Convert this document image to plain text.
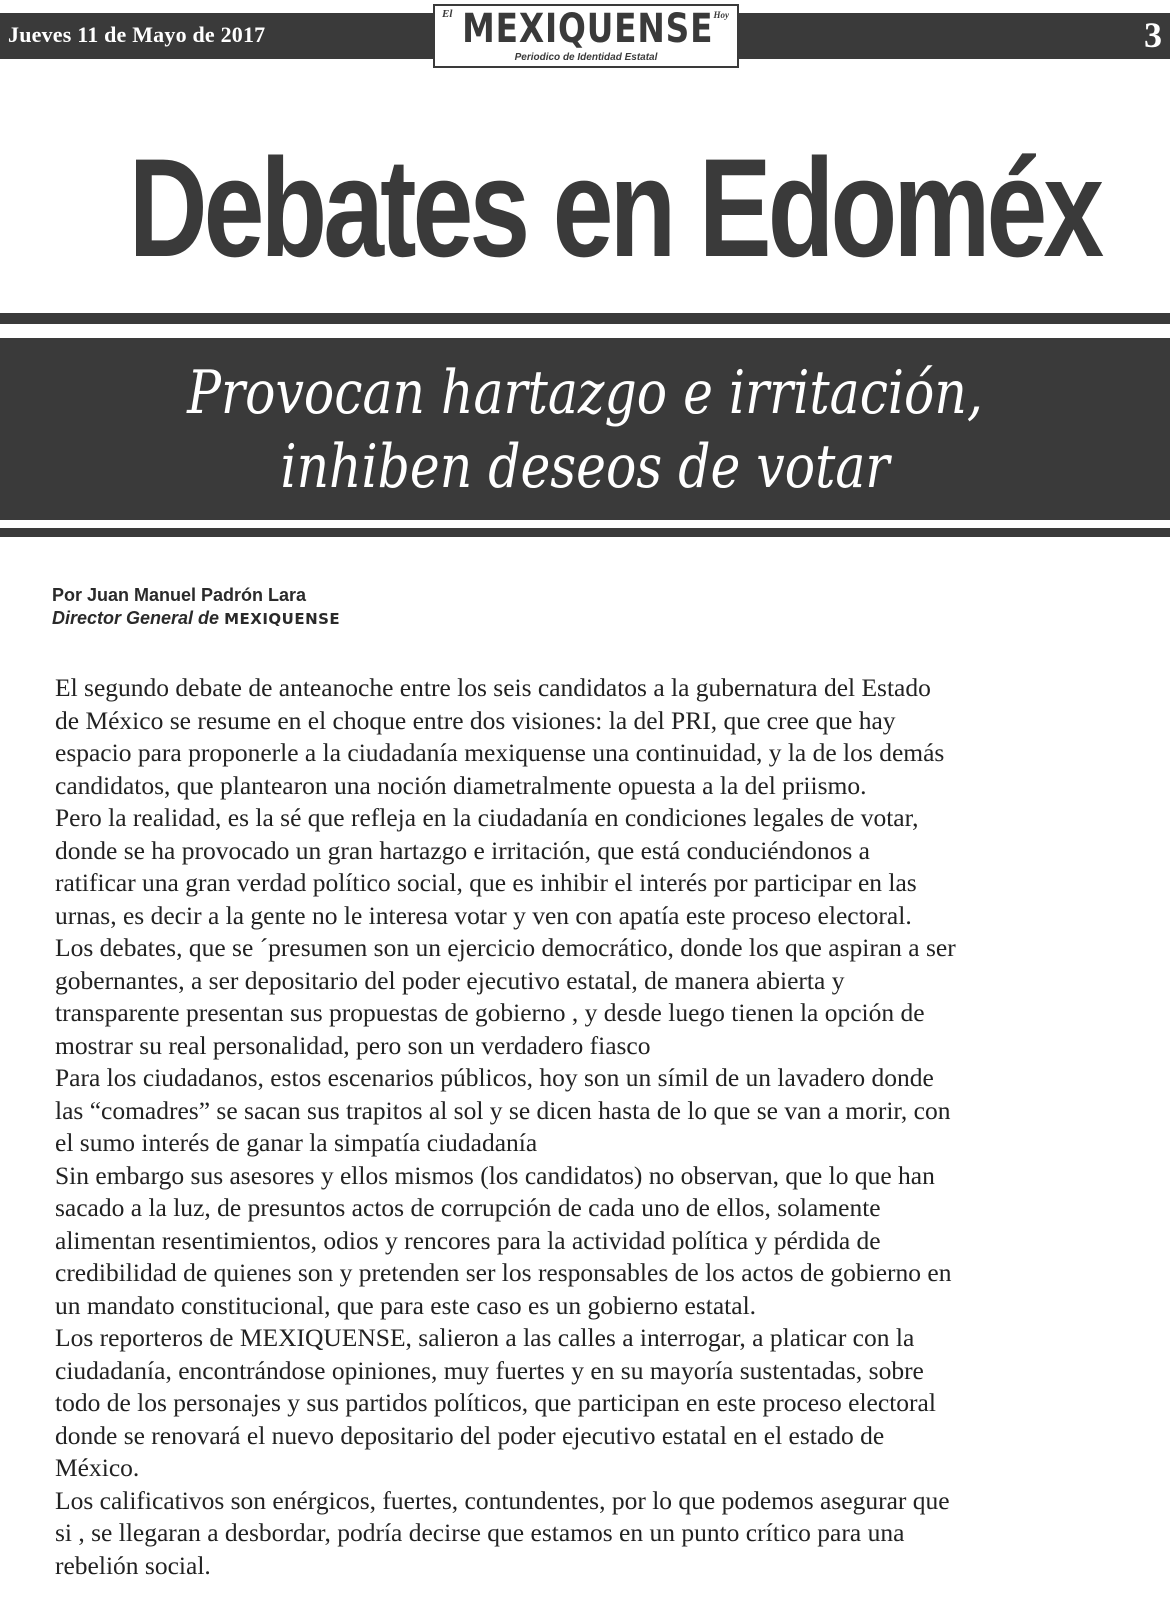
Jueves 11 de Mayo de 2017	3
El	Hoy
MEXIQUENSE
Periodico de Identidad Estatal
Debates en Edoméx
Provocan hartazgo e irritación,
inhiben deseos de votar
Por Juan Manuel Padrón Lara
Director General de MEXIQUENSE

El segundo debate de anteanoche entre los seis candidatos a la gubernatura del Estado

de México se resume en el choque entre dos visiones: la del PRI, que cree que hay

espacio para proponerle a la ciudadanía mexiquense una continuidad, y la de los demás

candidatos, que plantearon una noción diametralmente opuesta a la del priismo.

Pero la realidad, es la sé que refleja en la ciudadanía en condiciones legales de votar,

donde se ha provocado un gran hartazgo e irritación, que está conduciéndonos a

ratificar una gran verdad político social, que es inhibir el interés por participar en las

urnas, es decir a la gente no le interesa votar y ven con apatía este proceso electoral.

Los debates, que se ´presumen son un ejercicio democrático, donde los que aspiran a ser

gobernantes, a ser depositario del poder ejecutivo estatal, de manera abierta y

transparente presentan sus propuestas de gobierno , y desde luego tienen la opción de

mostrar su real personalidad, pero son un verdadero fiasco

Para los ciudadanos, estos escenarios públicos, hoy son un símil de un lavadero donde

las “comadres” se sacan sus trapitos al sol y se dicen hasta de lo que se van a morir, con

el sumo interés de ganar la simpatía ciudadanía

Sin embargo sus asesores y ellos mismos (los candidatos) no observan, que lo que han

sacado a la luz, de presuntos actos de corrupción de cada uno de ellos, solamente

alimentan resentimientos, odios y rencores para la actividad política y pérdida de

credibilidad de quienes son y pretenden ser los responsables de los actos de gobierno en

un mandato constitucional, que para este caso es un gobierno estatal.

Los reporteros de MEXIQUENSE, salieron a las calles a interrogar, a platicar con la

ciudadanía, encontrándose opiniones, muy fuertes y en su mayoría sustentadas, sobre

todo de los personajes y sus partidos políticos, que participan en este proceso electoral

donde se renovará el nuevo depositario del poder ejecutivo estatal en el estado de

México.

Los calificativos son enérgicos, fuertes, contundentes, por lo que podemos asegurar que

si , se llegaran a desbordar, podría decirse que estamos en un punto crítico para una

rebelión social.
